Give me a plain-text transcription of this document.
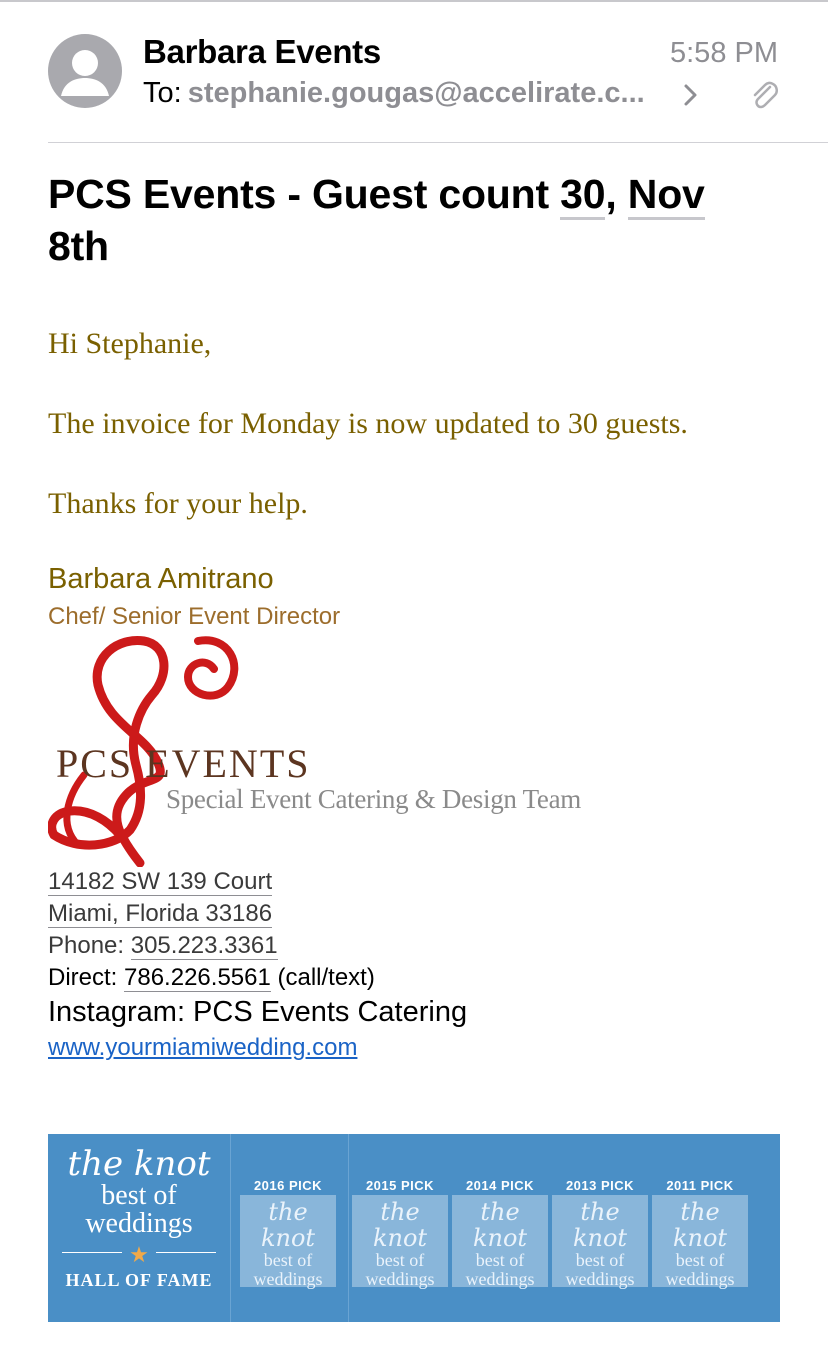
Barbara Events	5:58 PM
To: stephanie.gougas@accelirate.c...
PCS Events - Guest count 30, Nov
8th
Hi Stephanie,
The invoice for Monday is now updated to 30 guests.
Thanks for your help.
Barbara Amitrano
Chef/ Senior Event Director
PCS EVENTS
Special Event Catering & Design Team
14182 SW 139 Court
Miami, Florida 33186
Phone: 305.223.3361
Direct: 786.226.5561 (call/text)
Instagram: PCS Events Catering
www.yourmiamiwedding.com
the knot
best of
weddings
★
HALL OF FAME
2016 PICK
the knot
best of
weddings
2015 PICK
the knot
best of
weddings
2014 PICK
the knot
best of
weddings
2013 PICK
the knot
best of
weddings
2011 PICK
the knot
best of
weddings
